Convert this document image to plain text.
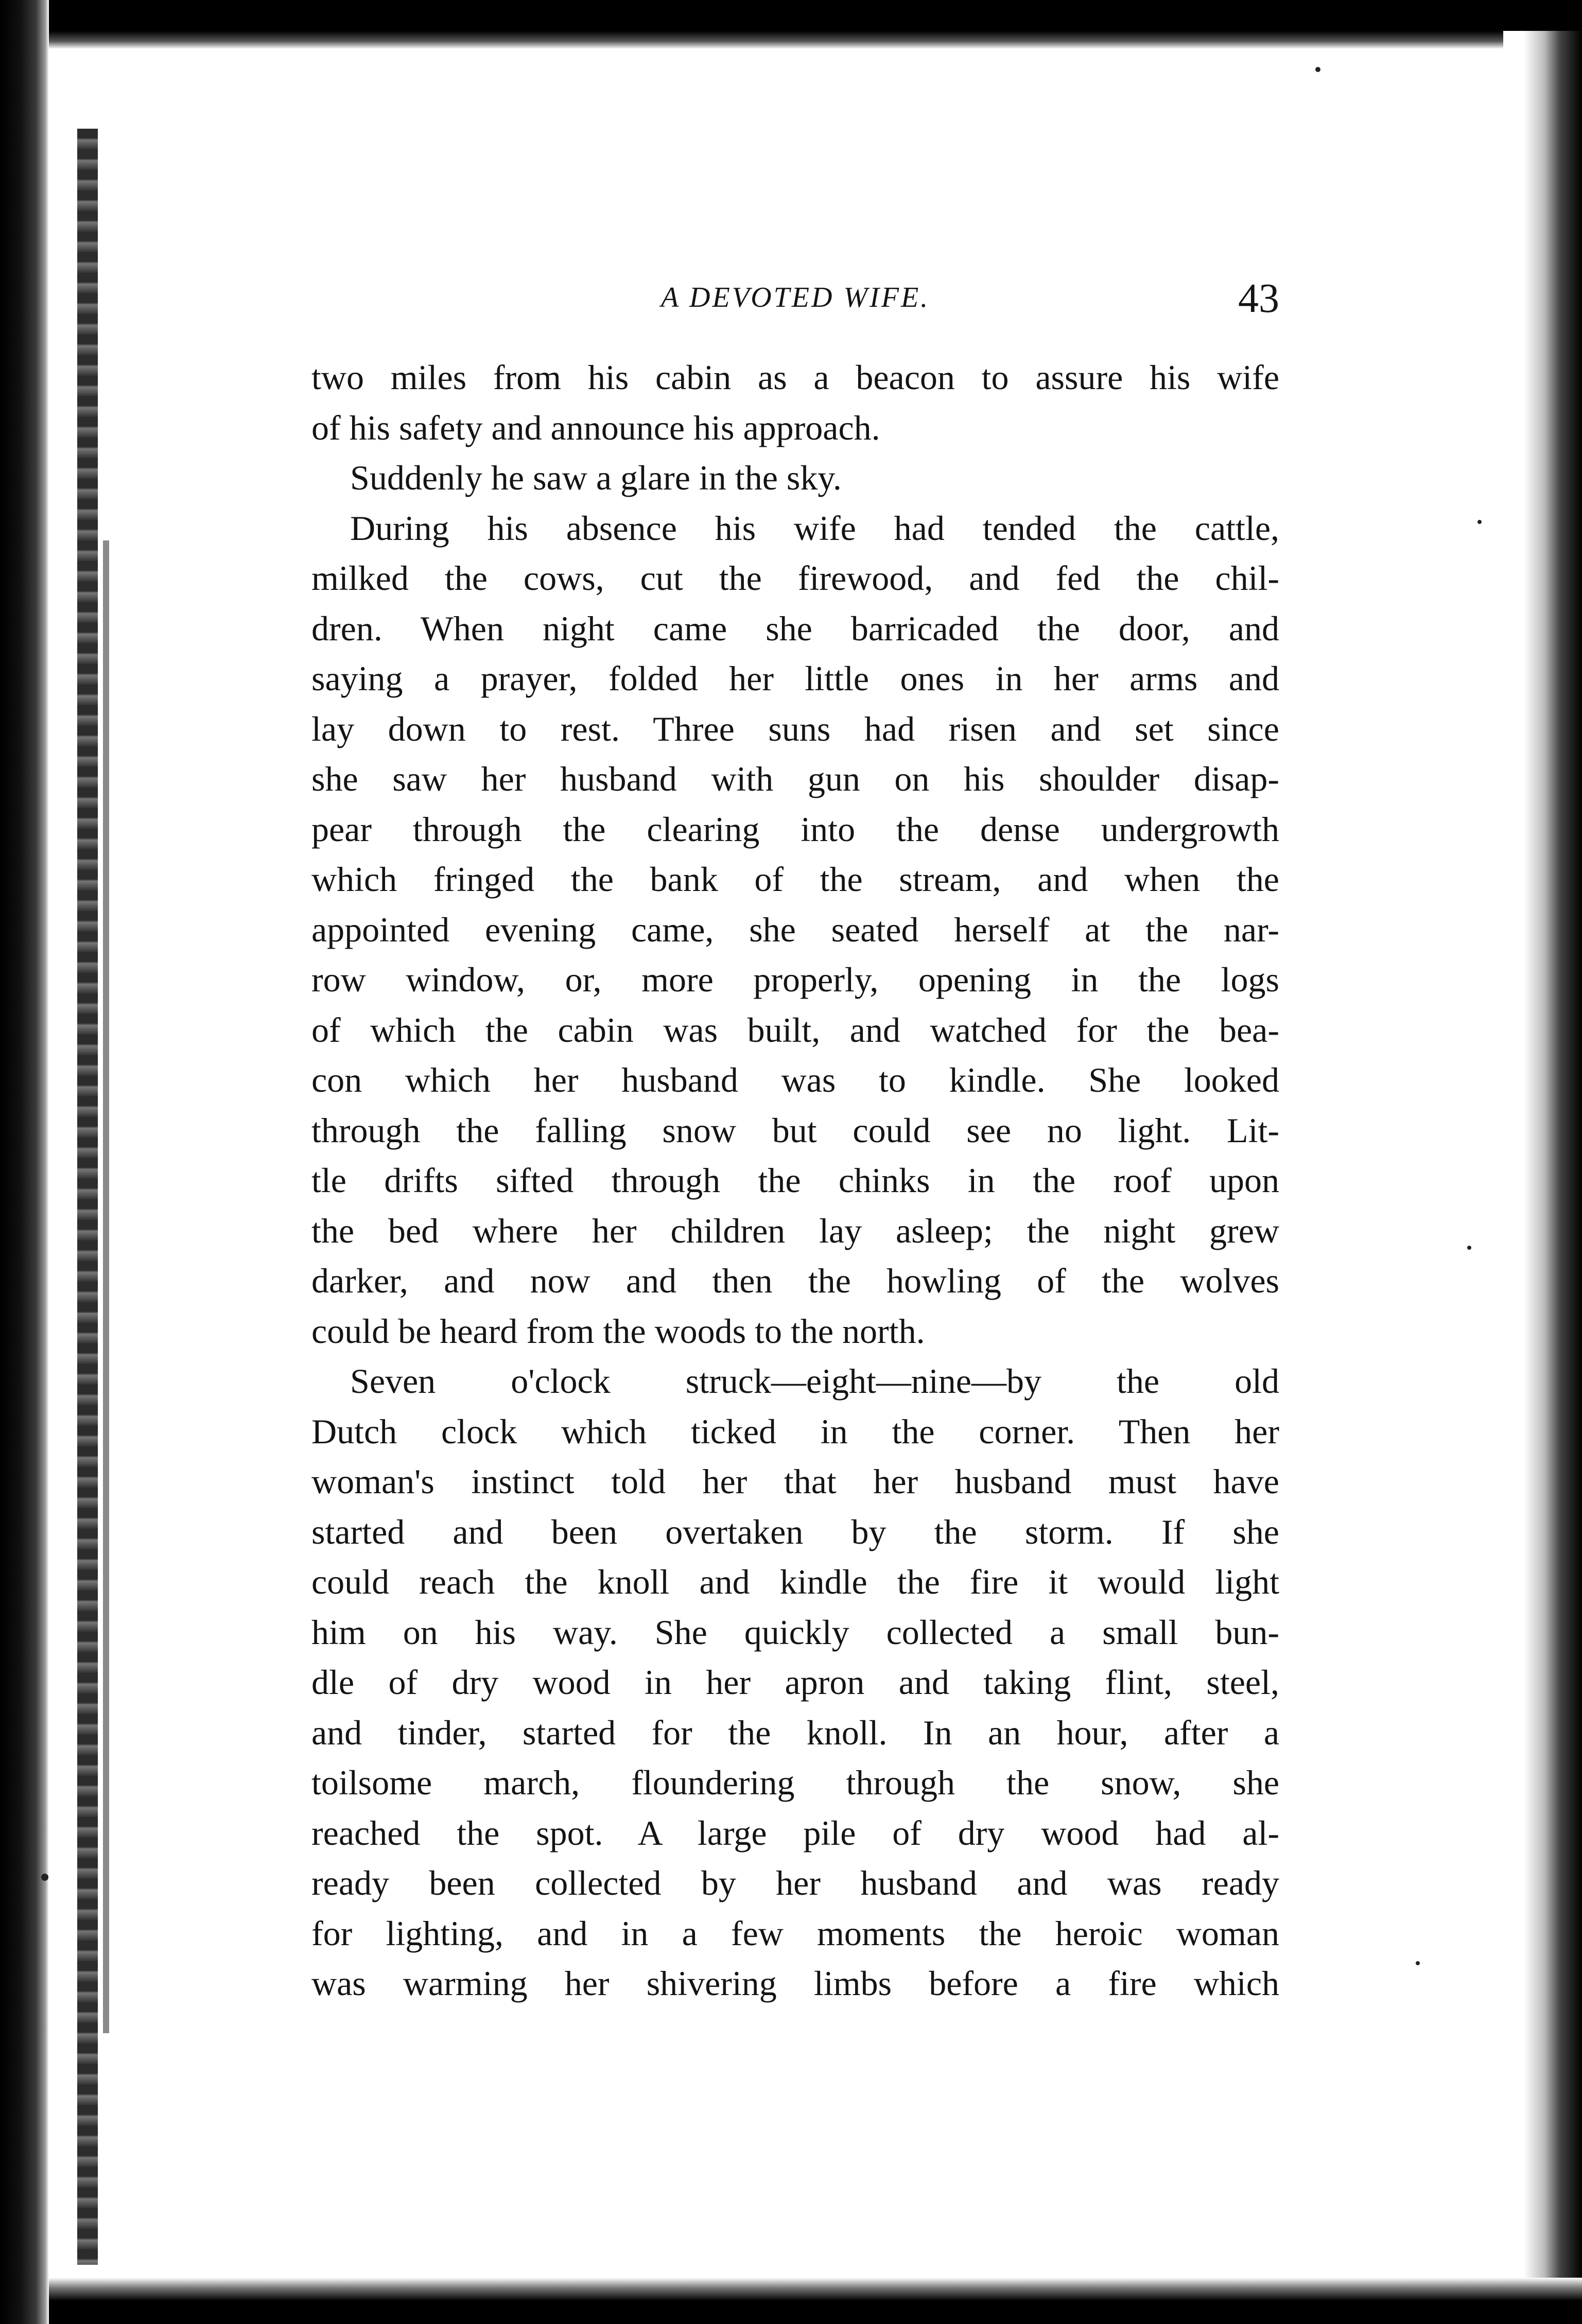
A DEVOTED WIFE.	43
two miles from his cabin as a beacon to assure his wife
of his safety and announce his approach.
Suddenly he saw a glare in the sky.
During his absence his wife had tended the cattle,
milked the cows, cut the firewood, and fed the chil-
dren. When night came she barricaded the door, and
saying a prayer, folded her little ones in her arms and
lay down to rest. Three suns had risen and set since
she saw her husband with gun on his shoulder disap-
pear through the clearing into the dense undergrowth
which fringed the bank of the stream, and when the
appointed evening came, she seated herself at the nar-
row window, or, more properly, opening in the logs
of which the cabin was built, and watched for the bea-
con which her husband was to kindle. She looked
through the falling snow but could see no light. Lit-
tle drifts sifted through the chinks in the roof upon
the bed where her children lay asleep; the night grew
darker, and now and then the howling of the wolves
could be heard from the woods to the north.
Seven o'clock struck—eight—nine—by the old
Dutch clock which ticked in the corner. Then her
woman's instinct told her that her husband must have
started and been overtaken by the storm. If she
could reach the knoll and kindle the fire it would light
him on his way. She quickly collected a small bun-
dle of dry wood in her apron and taking flint, steel,
and tinder, started for the knoll. In an hour, after a
toilsome march, floundering through the snow, she
reached the spot. A large pile of dry wood had al-
ready been collected by her husband and was ready
for lighting, and in a few moments the heroic woman
was warming her shivering limbs before a fire which
